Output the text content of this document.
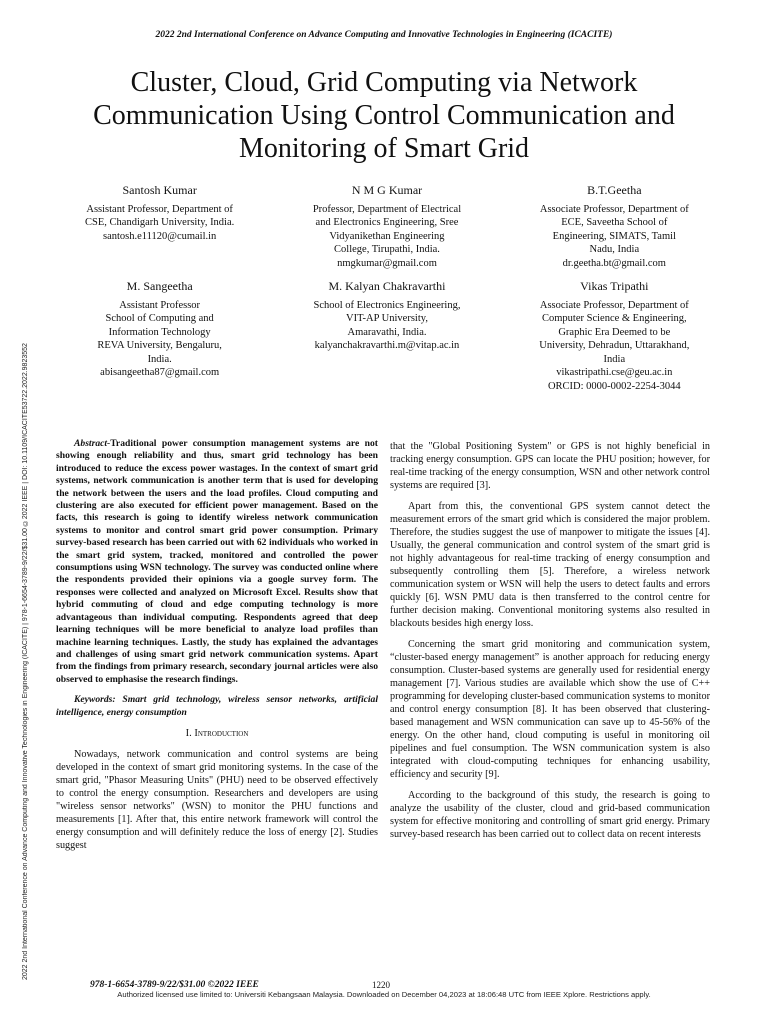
2022 2nd International Conference on Advance Computing and Innovative Technologies in Engineering (ICACITE)
2022 2nd International Conference on Advance Computing and Innovative Technologies in Engineering (ICACITE) | 978-1-6654-3789-9/22/$31.00 ©2022 IEEE | DOI: 10.1109/ICACITE53722.2022.9823552
Cluster, Cloud, Grid Computing via Network Communication Using Control Communication and Monitoring of Smart Grid
Santosh Kumar
Assistant Professor, Department of
CSE, Chandigarh University, India.
santosh.e11120@cumail.in
N M G Kumar
Professor, Department of Electrical
and Electronics Engineering, Sree
Vidyanikethan Engineering
College, Tirupathi, India.
nmgkumar@gmail.com
B.T.Geetha
Associate Professor, Department of
ECE, Saveetha School of
Engineering, SIMATS, Tamil
Nadu, India
dr.geetha.bt@gmail.com
M. Sangeetha
Assistant Professor
School of Computing and
Information Technology
REVA University, Bengaluru,
India.
abisangeetha87@gmail.com
M. Kalyan Chakravarthi
School of Electronics Engineering,
VIT-AP University,
Amaravathi, India.
kalyanchakravarthi.m@vitap.ac.in
Vikas Tripathi
Associate Professor, Department of
Computer Science & Engineering,
Graphic Era Deemed to be
University, Dehradun, Uttarakhand,
India
vikastripathi.cse@geu.ac.in
ORCID: 0000-0002-2254-3044

Abstract-Traditional power consumption management systems are not showing enough reliability and thus, smart grid technology has been introduced to reduce the excess power wastages. In the context of smart grid systems, network communication is another term that is used for developing the network between the users and the load profiles. Cloud computing and clustering are also executed for efficient power management. Based on the facts, this research is going to identify wireless network communication systems to monitor and control smart grid power consumption. Primary survey-based research has been carried out with 62 individuals who worked in the smart grid system, tracked, monitored and controlled the power consumptions using WSN technology. The survey was conducted online where the respondents provided their opinions via a google survey form. The responses were collected and analyzed on Microsoft Excel. Results show that hybrid commuting of cloud and edge computing technology is more advantageous than individual computing. Respondents agreed that deep learning techniques will be more beneficial to analyze load profiles than machine learning techniques. Lastly, the study has explained the advantages and challenges of using smart grid network communication systems. Apart from the findings from primary research, secondary journal articles were also observed to emphasise the research findings.

Keywords: Smart grid technology, wireless sensor networks, artificial intelligence, energy consumption

I. Introduction

Nowadays, network communication and control systems are being developed in the context of smart grid monitoring systems. In the case of the smart grid, "Phasor Measuring Units" (PHU) need to be observed effectively to control the energy consumption. Researchers and developers are using "wireless sensor networks" (WSN) to monitor the PHU functions and measurements [1]. After that, this entire network framework will control the energy consumption and will definitely reduce the loss of energy [2]. Studies suggest

that the "Global Positioning System" or GPS is not highly beneficial in tracking energy consumption. GPS can locate the PHU position; however, for real-time tracking of the energy consumption, WSN and other network control systems are required [3].

Apart from this, the conventional GPS system cannot detect the measurement errors of the smart grid which is considered the major problem. Therefore, the studies suggest the use of manpower to mitigate the issues [4]. Usually, the general communication and control system of the smart grid is not highly advantageous for real-time tracking of energy consumption and subsequently controlling them [5]. Therefore, a wireless network communication system or WSN will help the users to detect faults and errors quickly [6]. WSN PMU data is then transferred to the control centre for further decision making. Conventional monitoring systems also resulted in blackouts besides high energy loss.

Concerning the smart grid monitoring and communication system, “cluster-based energy management” is another approach for reducing energy consumption. Cluster-based systems are generally used for residential energy management [7]. Various studies are available which show the use of C++ programming for developing cluster-based communication systems to monitor and control energy consumption [8]. It has been observed that clustering-based management and WSN communication can save up to 45-56% of the energy. On the other hand, cloud computing is useful in monitoring oil pipelines and fuel consumption. The WSN communication system is also integrated with cloud-computing techniques for enhancing usability, efficiency and security [9].

According to the background of this study, the research is going to analyze the usability of the cluster, cloud and grid-based communication system for effective monitoring and controlling of smart grid energy. Primary survey-based research has been carried out to collect data on recent interests

978-1-6654-3789-9/22/$31.00 ©2022 IEEE	1220
Authorized licensed use limited to: Universiti Kebangsaan Malaysia. Downloaded on December 04,2023 at 18:06:48 UTC from IEEE Xplore. Restrictions apply.
